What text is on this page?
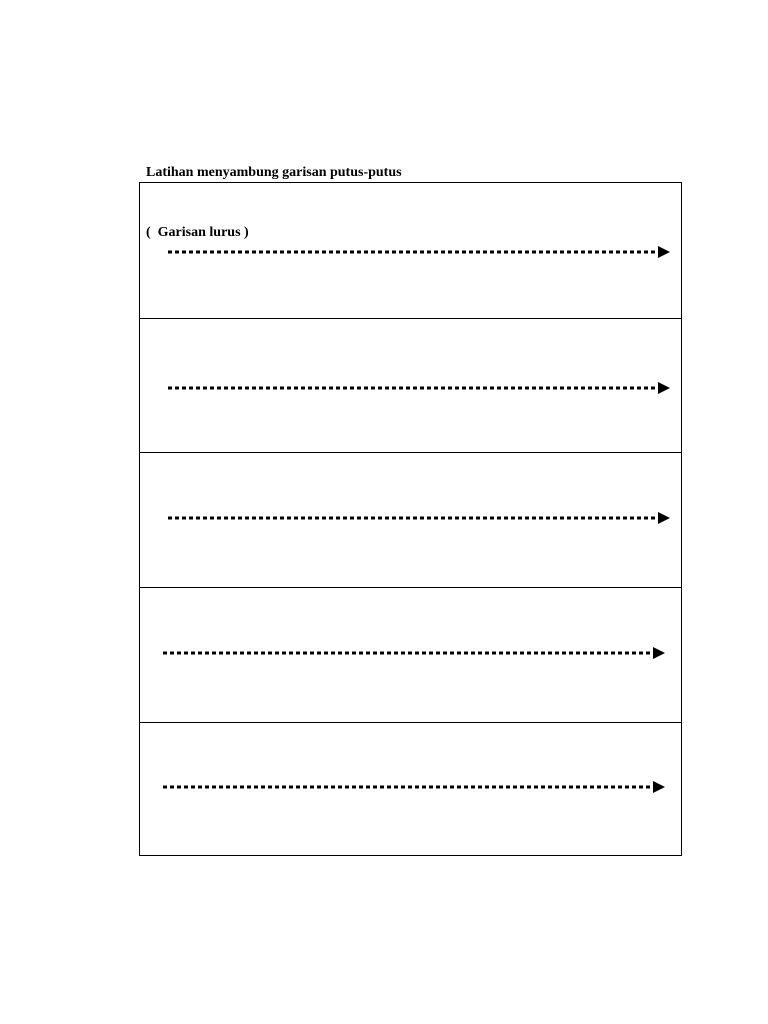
Latihan menyambung garisan putus-putus

(  Garisan lurus )
